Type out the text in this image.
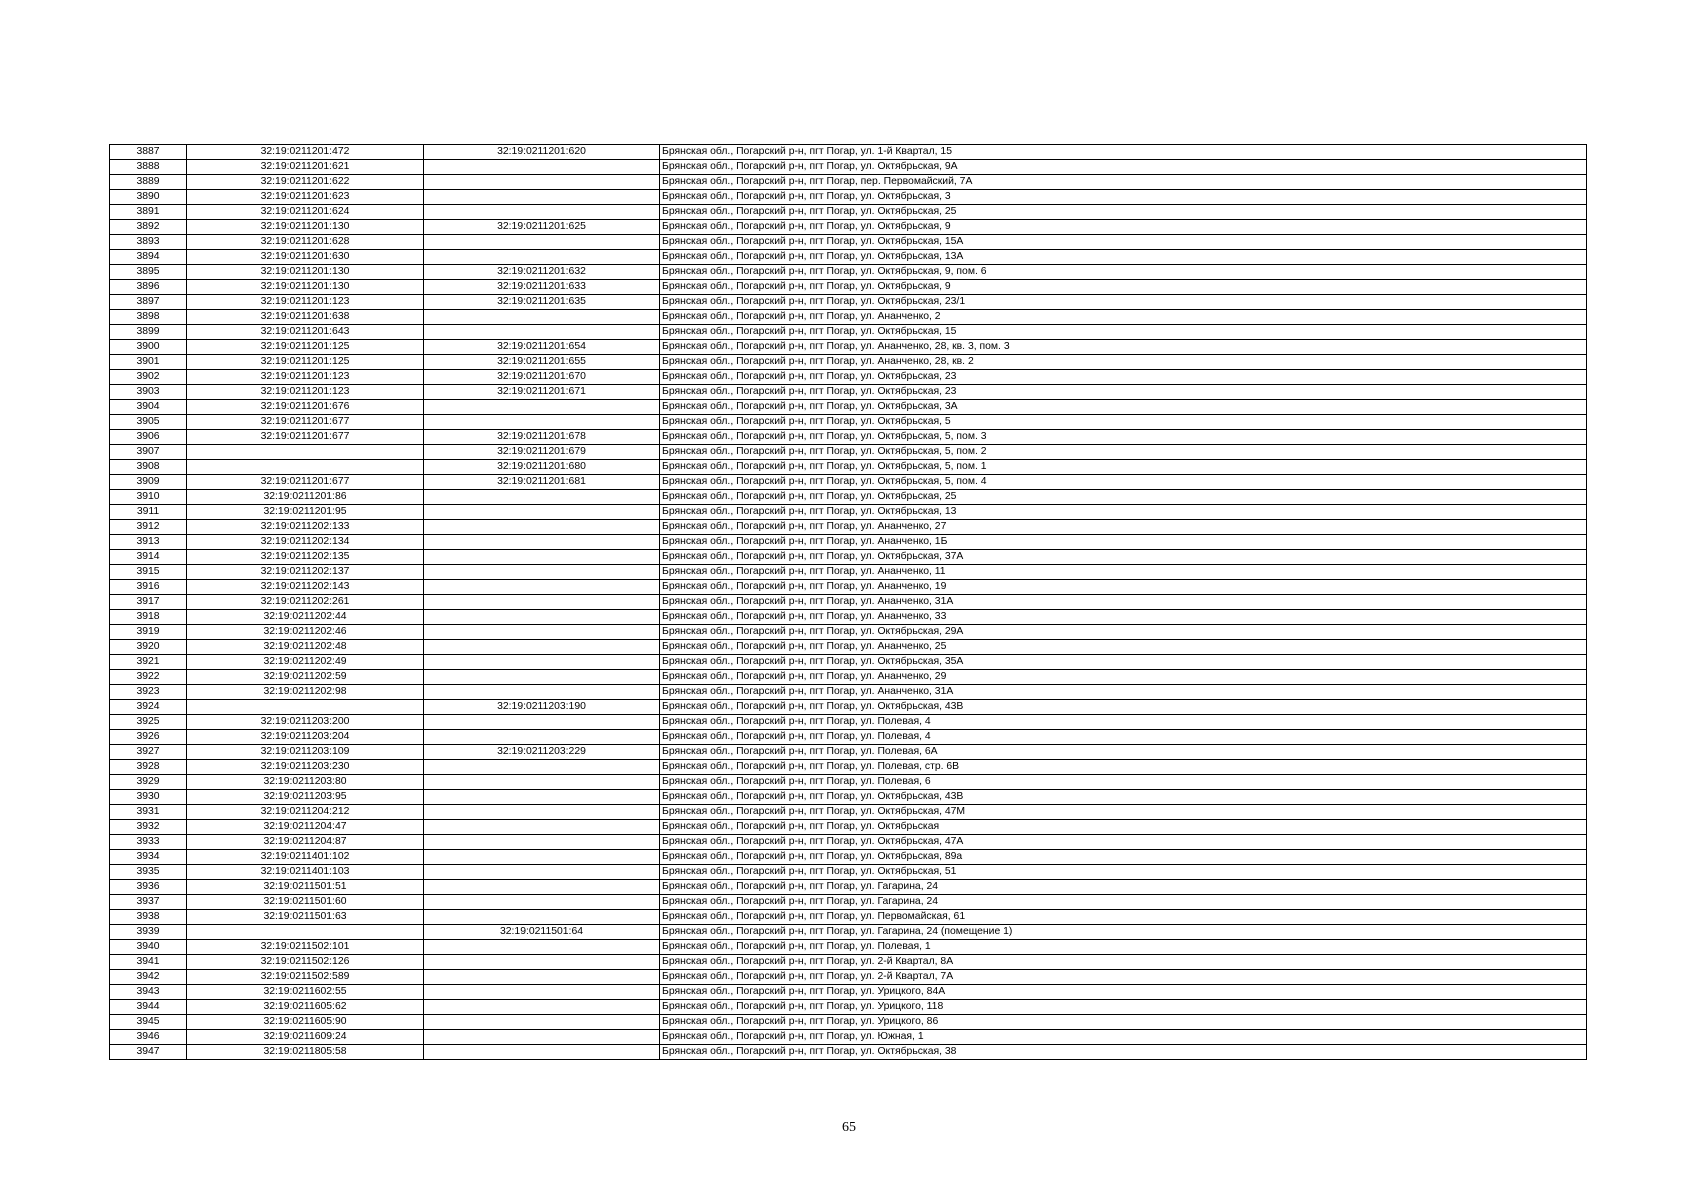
3887	32:19:0211201:472	32:19:0211201:620	Брянская обл., Погарский р-н, пгт Погар, ул. 1-й Квартал, 15
3888	32:19:0211201:621		Брянская обл., Погарский р-н, пгт Погар, ул. Октябрьская, 9А
3889	32:19:0211201:622		Брянская обл., Погарский р-н, пгт Погар, пер. Первомайский, 7А
3890	32:19:0211201:623		Брянская обл., Погарский р-н, пгт Погар, ул. Октябрьская, 3
3891	32:19:0211201:624		Брянская обл., Погарский р-н, пгт Погар, ул. Октябрьская, 25
3892	32:19:0211201:130	32:19:0211201:625	Брянская обл., Погарский р-н, пгт Погар, ул. Октябрьская, 9
3893	32:19:0211201:628		Брянская обл., Погарский р-н, пгт Погар, ул. Октябрьская, 15А
3894	32:19:0211201:630		Брянская обл., Погарский р-н, пгт Погар, ул. Октябрьская, 13А
3895	32:19:0211201:130	32:19:0211201:632	Брянская обл., Погарский р-н, пгт Погар, ул. Октябрьская, 9, пом. 6
3896	32:19:0211201:130	32:19:0211201:633	Брянская обл., Погарский р-н, пгт Погар, ул. Октябрьская, 9
3897	32:19:0211201:123	32:19:0211201:635	Брянская обл., Погарский р-н, пгт Погар, ул. Октябрьская, 23/1
3898	32:19:0211201:638		Брянская обл., Погарский р-н, пгт Погар, ул. Ананченко, 2
3899	32:19:0211201:643		Брянская обл., Погарский р-н, пгт Погар, ул. Октябрьская, 15
3900	32:19:0211201:125	32:19:0211201:654	Брянская обл., Погарский р-н, пгт Погар, ул. Ананченко, 28, кв. 3, пом. 3
3901	32:19:0211201:125	32:19:0211201:655	Брянская обл., Погарский р-н, пгт Погар, ул. Ананченко, 28, кв. 2
3902	32:19:0211201:123	32:19:0211201:670	Брянская обл., Погарский р-н, пгт Погар, ул. Октябрьская, 23
3903	32:19:0211201:123	32:19:0211201:671	Брянская обл., Погарский р-н, пгт Погар, ул. Октябрьская, 23
3904	32:19:0211201:676		Брянская обл., Погарский р-н, пгт Погар, ул. Октябрьская, 3А
3905	32:19:0211201:677		Брянская обл., Погарский р-н, пгт Погар, ул. Октябрьская, 5
3906	32:19:0211201:677	32:19:0211201:678	Брянская обл., Погарский р-н, пгт Погар, ул. Октябрьская, 5, пом. 3
3907		32:19:0211201:679	Брянская обл., Погарский р-н, пгт Погар, ул. Октябрьская, 5, пом. 2
3908		32:19:0211201:680	Брянская обл., Погарский р-н, пгт Погар, ул. Октябрьская, 5, пом. 1
3909	32:19:0211201:677	32:19:0211201:681	Брянская обл., Погарский р-н, пгт Погар, ул. Октябрьская, 5, пом. 4
3910	32:19:0211201:86		Брянская обл., Погарский р-н, пгт Погар, ул. Октябрьская, 25
3911	32:19:0211201:95		Брянская обл., Погарский р-н, пгт Погар, ул. Октябрьская, 13
3912	32:19:0211202:133		Брянская обл., Погарский р-н, пгт Погар, ул. Ананченко, 27
3913	32:19:0211202:134		Брянская обл., Погарский р-н, пгт Погар, ул. Ананченко, 1Б
3914	32:19:0211202:135		Брянская обл., Погарский р-н, пгт Погар, ул. Октябрьская, 37А
3915	32:19:0211202:137		Брянская обл., Погарский р-н, пгт Погар, ул. Ананченко, 11
3916	32:19:0211202:143		Брянская обл., Погарский р-н, пгт Погар, ул. Ананченко, 19
3917	32:19:0211202:261		Брянская обл., Погарский р-н, пгт Погар, ул. Ананченко, 31А
3918	32:19:0211202:44		Брянская обл., Погарский р-н, пгт Погар, ул. Ананченко, 33
3919	32:19:0211202:46		Брянская обл., Погарский р-н, пгт Погар, ул. Октябрьская, 29А
3920	32:19:0211202:48		Брянская обл., Погарский р-н, пгт Погар, ул. Ананченко, 25
3921	32:19:0211202:49		Брянская обл., Погарский р-н, пгт Погар, ул. Октябрьская, 35А
3922	32:19:0211202:59		Брянская обл., Погарский р-н, пгт Погар, ул. Ананченко, 29
3923	32:19:0211202:98		Брянская обл., Погарский р-н, пгт Погар, ул. Ананченко, 31А
3924		32:19:0211203:190	Брянская обл., Погарский р-н, пгт Погар, ул. Октябрьская, 43В
3925	32:19:0211203:200		Брянская обл., Погарский р-н, пгт Погар, ул. Полевая, 4
3926	32:19:0211203:204		Брянская обл., Погарский р-н, пгт Погар, ул. Полевая, 4
3927	32:19:0211203:109	32:19:0211203:229	Брянская обл., Погарский р-н, пгт Погар, ул. Полевая, 6А
3928	32:19:0211203:230		Брянская обл., Погарский р-н, пгт Погар, ул. Полевая, стр. 6В
3929	32:19:0211203:80		Брянская обл., Погарский р-н, пгт Погар, ул. Полевая, 6
3930	32:19:0211203:95		Брянская обл., Погарский р-н, пгт Погар, ул. Октябрьская, 43В
3931	32:19:0211204:212		Брянская обл., Погарский р-н, пгт Погар, ул. Октябрьская, 47М
3932	32:19:0211204:47		Брянская обл., Погарский р-н, пгт Погар, ул. Октябрьская
3933	32:19:0211204:87		Брянская обл., Погарский р-н, пгт Погар, ул. Октябрьская, 47А
3934	32:19:0211401:102		Брянская обл., Погарский р-н, пгт Погар, ул. Октябрьская, 89а
3935	32:19:0211401:103		Брянская обл., Погарский р-н, пгт Погар, ул. Октябрьская, 51
3936	32:19:0211501:51		Брянская обл., Погарский р-н, пгт Погар, ул. Гагарина, 24
3937	32:19:0211501:60		Брянская обл., Погарский р-н, пгт Погар, ул. Гагарина, 24
3938	32:19:0211501:63		Брянская обл., Погарский р-н, пгт Погар, ул. Первомайская, 61
3939		32:19:0211501:64	Брянская обл., Погарский р-н, пгт Погар, ул. Гагарина, 24 (помещение 1)
3940	32:19:0211502:101		Брянская обл., Погарский р-н, пгт Погар, ул. Полевая, 1
3941	32:19:0211502:126		Брянская обл., Погарский р-н, пгт Погар, ул. 2-й Квартал, 8А
3942	32:19:0211502:589		Брянская обл., Погарский р-н, пгт Погар, ул. 2-й Квартал, 7А
3943	32:19:0211602:55		Брянская обл., Погарский р-н, пгт Погар, ул. Урицкого, 84А
3944	32:19:0211605:62		Брянская обл., Погарский р-н, пгт Погар, ул. Урицкого, 118
3945	32:19:0211605:90		Брянская обл., Погарский р-н, пгт Погар, ул. Урицкого, 86
3946	32:19:0211609:24		Брянская обл., Погарский р-н, пгт Погар, ул. Южная, 1
3947	32:19:0211805:58		Брянская обл., Погарский р-н, пгт Погар, ул. Октябрьская, 38
65
